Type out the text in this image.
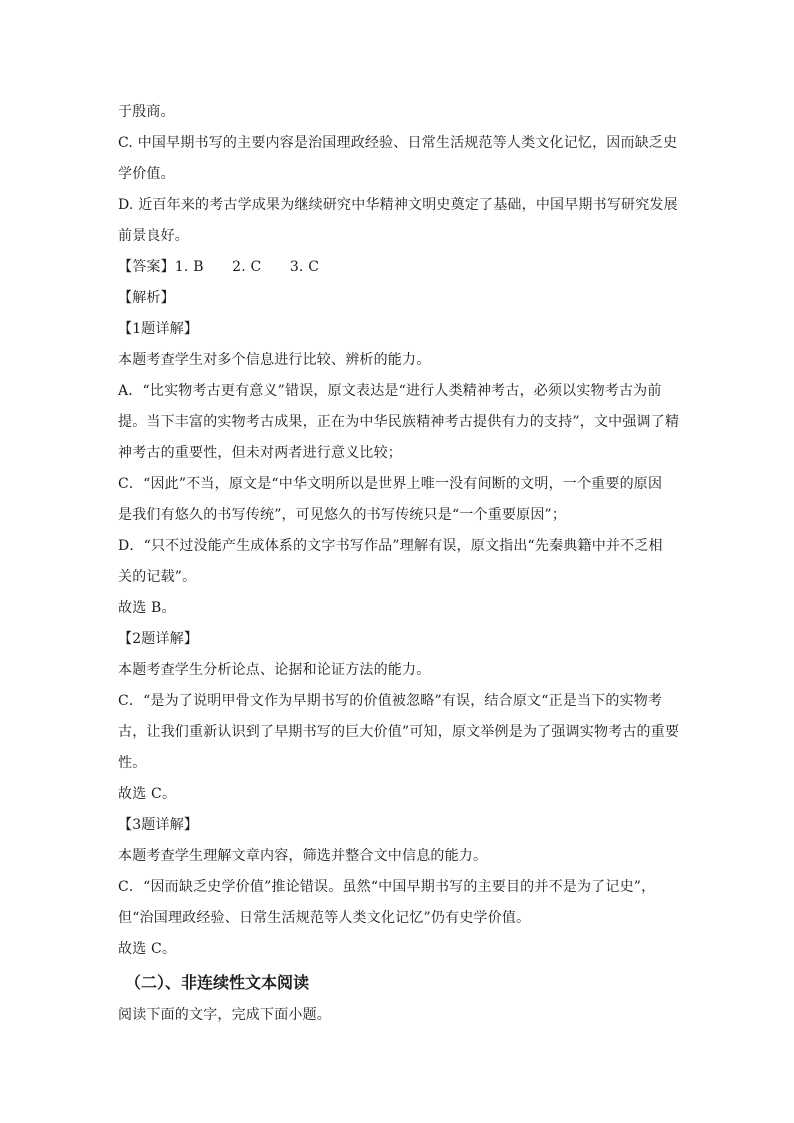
于殷商。
C. 中国早期书写的主要内容是治国理政经验、日常生活规范等人类文化记忆，因而缺乏史
学价值。
D. 近百年来的考古学成果为继续研究中华精神文明史奠定了基础，中国早期书写研究发展
前景良好。
【答案】1. B　　2. C　　3. C
【解析】
【1题详解】
本题考查学生对多个信息进行比较、辨析的能力。
A．“比实物考古更有意义”错误，原文表达是“进行人类精神考古，必须以实物考古为前
提。当下丰富的实物考古成果，正在为中华民族精神考古提供有力的支持”，文中强调了精
神考古的重要性，但未对两者进行意义比较；
C．“因此”不当，原文是“中华文明所以是世界上唯一没有间断的文明，一个重要的原因
是我们有悠久的书写传统”，可见悠久的书写传统只是“一个重要原因”；
D．“只不过没能产生成体系的文字书写作品”理解有误，原文指出“先秦典籍中并不乏相
关的记载”。
故选 B。
【2题详解】
本题考查学生分析论点、论据和论证方法的能力。
C．“是为了说明甲骨文作为早期书写的价值被忽略”有误，结合原文“正是当下的实物考
古，让我们重新认识到了早期书写的巨大价值”可知，原文举例是为了强调实物考古的重要
性。
故选 C。
【3题详解】
本题考查学生理解文章内容，筛选并整合文中信息的能力。
C．“因而缺乏史学价值”推论错误。虽然“中国早期书写的主要目的并不是为了记史”，
但“治国理政经验、日常生活规范等人类文化记忆”仍有史学价值。
故选 C。
（二）、非连续性文本阅读
阅读下面的文字，完成下面小题。
